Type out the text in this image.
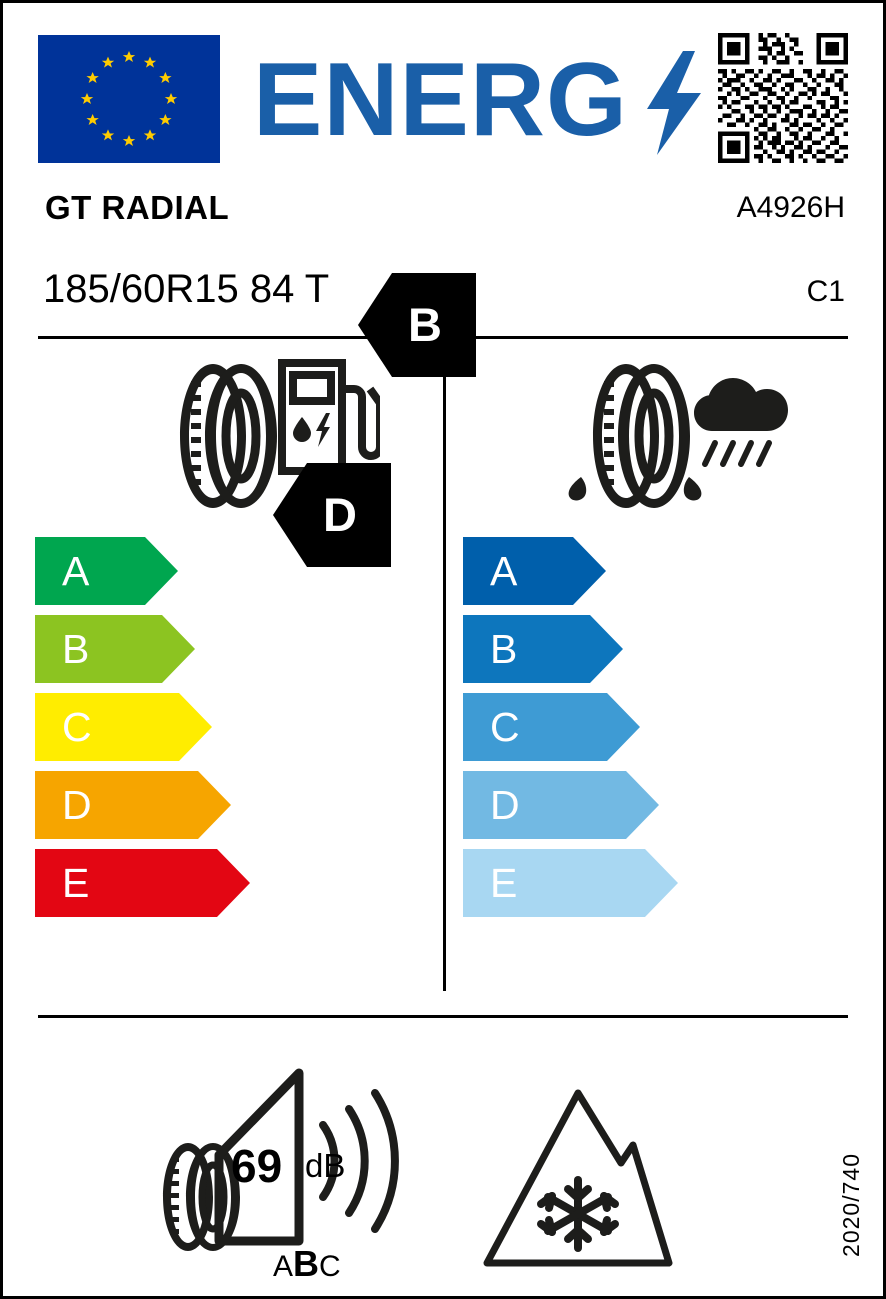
ENERG
GT RADIAL	A4926H
185/60R15 84 T	C1
A
B
C
D
E
D
A
B
C
D
E
B
69 dB
ABC
2020/740
